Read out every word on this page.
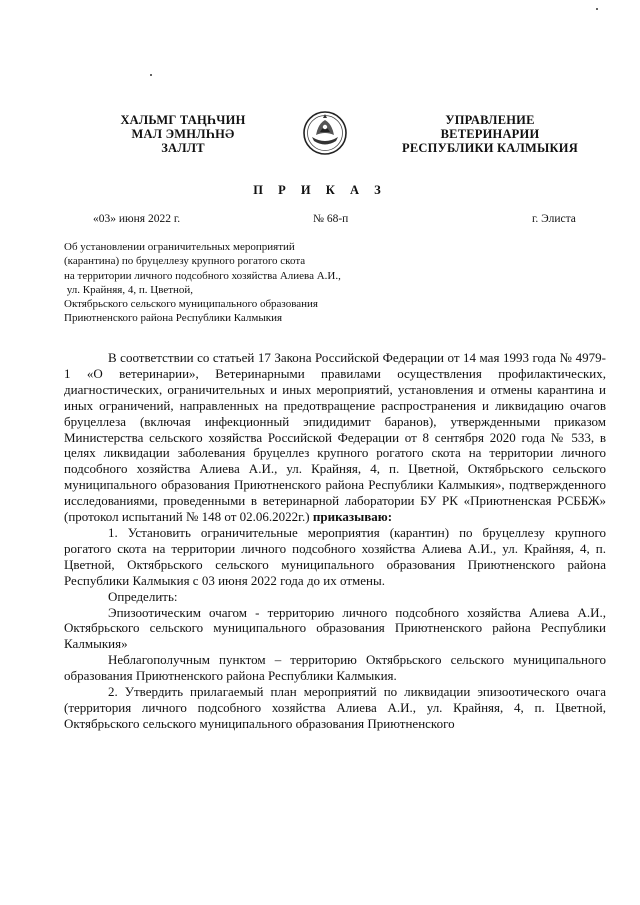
ХАЛЬМГ ТАҢҺЧИН
МАЛ ЭМНЛҺНӘ
ЗАЛЛТ
УПРАВЛЕНИЕ
ВЕТЕРИНАРИИ
РЕСПУБЛИКИ КАЛМЫКИЯ
П Р И К А З
«03» июня 2022 г.	№ 68-п	г. Элиста
Об установлении ограничительных мероприятий
(карантина) по бруцеллезу крупного рогатого скота
на территории личного подсобного хозяйства Алиева А.И.,
ул. Крайняя, 4, п. Цветной,
Октябрьского сельского муниципального образования
Приютненского района Республики Калмыкия

В соответствии со статьей 17 Закона Российской Федерации от 14 мая 1993 года № 4979-1 «О ветеринарии», Ветеринарными правилами осуществления профилактических, диагностических, ограничительных и иных мероприятий, установления и отмены карантина и иных ограничений, направленных на предотвращение распространения и ликвидацию очагов бруцеллеза (включая инфекционный эпидидимит баранов), утвержденными приказом Министерства сельского хозяйства Российской Федерации от 8 сентября 2020 года № 533, в целях ликвидации заболевания бруцеллез крупного рогатого скота на территории личного подсобного хозяйства Алиева А.И., ул. Крайняя, 4, п. Цветной, Октябрьского сельского муниципального образования Приютненского района Республики Калмыкия», подтвержденного исследованиями, проведенными в ветеринарной лаборатории БУ РК «Приютненская РСББЖ» (протокол испытаний № 148 от 02.06.2022г.) приказываю:

1. Установить ограничительные мероприятия (карантин) по бруцеллезу крупного рогатого скота на территории личного подсобного хозяйства Алиева А.И., ул. Крайняя, 4, п. Цветной, Октябрьского сельского муниципального образования Приютненского района Республики Калмыкия с 03 июня 2022 года до их отмены.

Определить:

Эпизоотическим очагом - территорию личного подсобного хозяйства Алиева А.И., Октябрьского сельского муниципального образования Приютненского района Республики Калмыкия»

Неблагополучным пунктом – территорию Октябрьского сельского муниципального образования Приютненского района Республики Калмыкия.

2. Утвердить прилагаемый план мероприятий по ликвидации эпизоотического очага (территория личного подсобного хозяйства Алиева А.И., ул. Крайняя, 4, п. Цветной, Октябрьского сельского муниципального образования Приютненского
